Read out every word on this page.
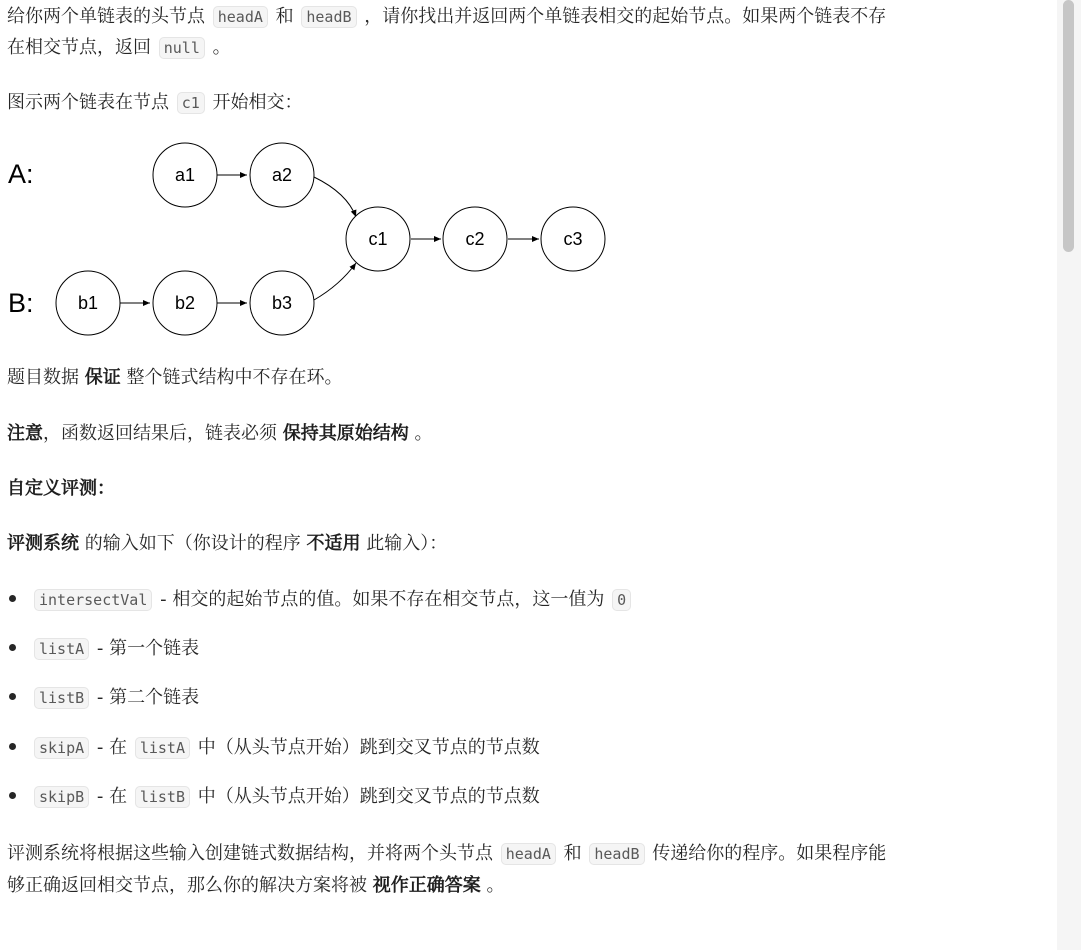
给你两个单链表的头节点 headA 和 headB ，请你找出并返回两个单链表相交的起始节点。如果两个链表不存
在相交节点，返回 null 。
图示两个链表在节点 c1 开始相交：
A:
B:
a1	a2
b1	b2	b3
c1	c2	c3
题目数据 保证 整个链式结构中不存在环。
注意，函数返回结果后，链表必须 保持其原始结构 。
自定义评测：
评测系统 的输入如下（你设计的程序 不适用 此输入）：
intersectVal - 相交的起始节点的值。如果不存在相交节点，这一值为 0
listA - 第一个链表
listB - 第二个链表
skipA - 在 listA 中（从头节点开始）跳到交叉节点的节点数
skipB - 在 listB 中（从头节点开始）跳到交叉节点的节点数
评测系统将根据这些输入创建链式数据结构，并将两个头节点 headA 和 headB 传递给你的程序。如果程序能
够正确返回相交节点，那么你的解决方案将被 视作正确答案 。
